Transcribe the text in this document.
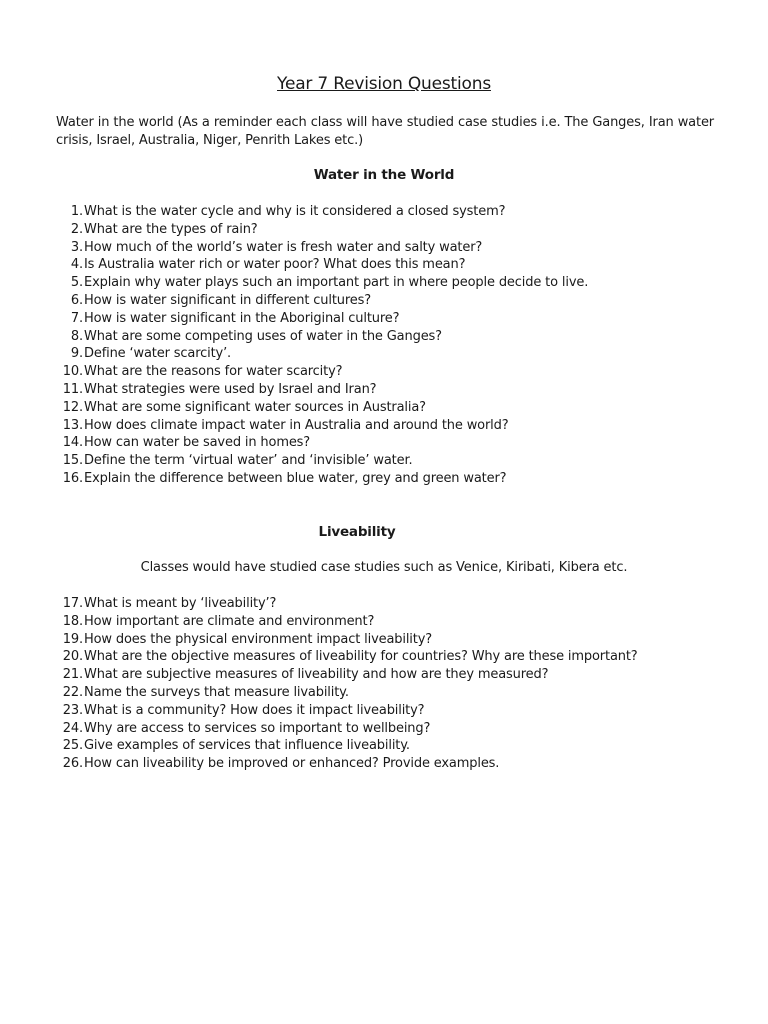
Year 7 Revision Questions

Water in the world (As a reminder each class will have studied case studies i.e. The Ganges, Iran water crisis, Israel, Australia, Niger, Penrith Lakes etc.)

Water in the World
1. What is the water cycle and why is it considered a closed system?
2. What are the types of rain?
3. How much of the world’s water is fresh water and salty water?
4. Is Australia water rich or water poor? What does this mean?
5. Explain why water plays such an important part in where people decide to live.
6. How is water significant in different cultures?
7. How is water significant in the Aboriginal culture?
8. What are some competing uses of water in the Ganges?
9. Define ‘water scarcity’.
10. What are the reasons for water scarcity?
11. What strategies were used by Israel and Iran?
12. What are some significant water sources in Australia?
13. How does climate impact water in Australia and around the world?
14. How can water be saved in homes?
15. Define the term ‘virtual water’ and ‘invisible’ water.
16. Explain the difference between blue water, grey and green water?
Liveability

Classes would have studied case studies such as Venice, Kiribati, Kibera etc.

17. What is meant by ‘liveability’?
18. How important are climate and environment?
19. How does the physical environment impact liveability?
20. What are the objective measures of liveability for countries? Why are these important?
21. What are subjective measures of liveability and how are they measured?
22. Name the surveys that measure livability.
23. What is a community? How does it impact liveability?
24. Why are access to services so important to wellbeing?
25. Give examples of services that influence liveability.
26. How can liveability be improved or enhanced? Provide examples.
